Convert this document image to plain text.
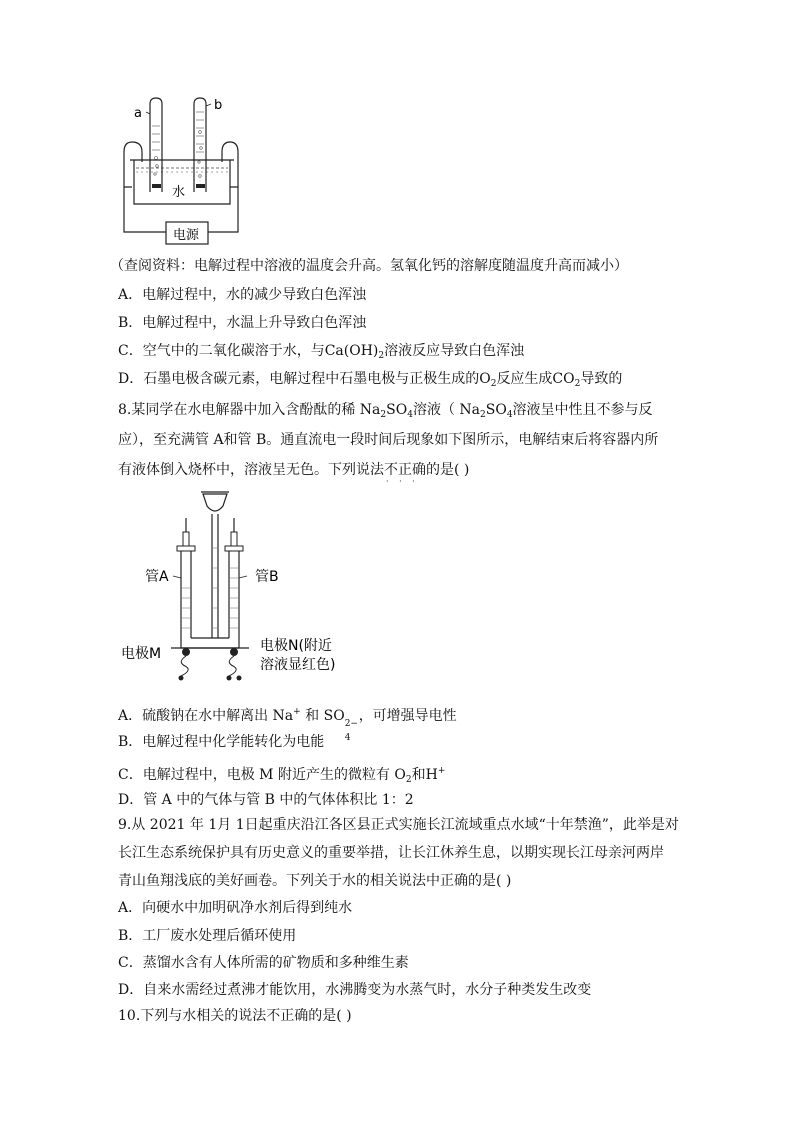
a
b
水
电源
（查阅资料：电解过程中溶液的温度会升高。氢氧化钙的溶解度随温度升高而减小）
A．电解过程中，水的减少导致白色浑浊
B．电解过程中，水温上升导致白色浑浊
C．空气中的二氧化碳溶于水，与$Ca(OH)_2$溶液反应导致白色浑浊
D．石墨电极含碳元素，电解过程中石墨电极与正极生成的$O_2$反应生成$CO_2$导致的
8.某同学在水电解器中加入含酚酞的稀 $Na_2SO_4$溶液（ $Na_2SO_4$溶液呈中性且不参与反
应），至充满管 A和管 B。通直流电一段时间后现象如下图所示，电解结束后将容器内所
有液体倒入烧杯中，溶液呈无色。下列说法不正确
· · ·
的是( )
管A	管B
电极M	电极N(附近
溶液显红色)
A．硫酸钠在水中解离出 Na+ 和 SO 2−
4
，可增强导电性
B．电解过程中化学能转化为电能
C．电解过程中，电极 M 附近产生的微粒有 $O_2$和H+
D．管 A 中的气体与管 B 中的气体体积比 1：2
9.从 2021 年 1月 1日起重庆沿江各区县正式实施长江流域重点水域“十年禁渔”，此举是对
长江生态系统保护具有历史意义的重要举措，让长江休养生息，以期实现长江母亲河两岸
青山鱼翔浅底的美好画卷。下列关于水的相关说法中正确的是( )
A．向硬水中加明矾净水剂后得到纯水
B．工厂废水处理后循环使用
C．蒸馏水含有人体所需的矿物质和多种维生素
D．自来水需经过煮沸才能饮用，水沸腾变为水蒸气时，水分子种类发生改变
10.下列与水相关的说法不正确的是( )
